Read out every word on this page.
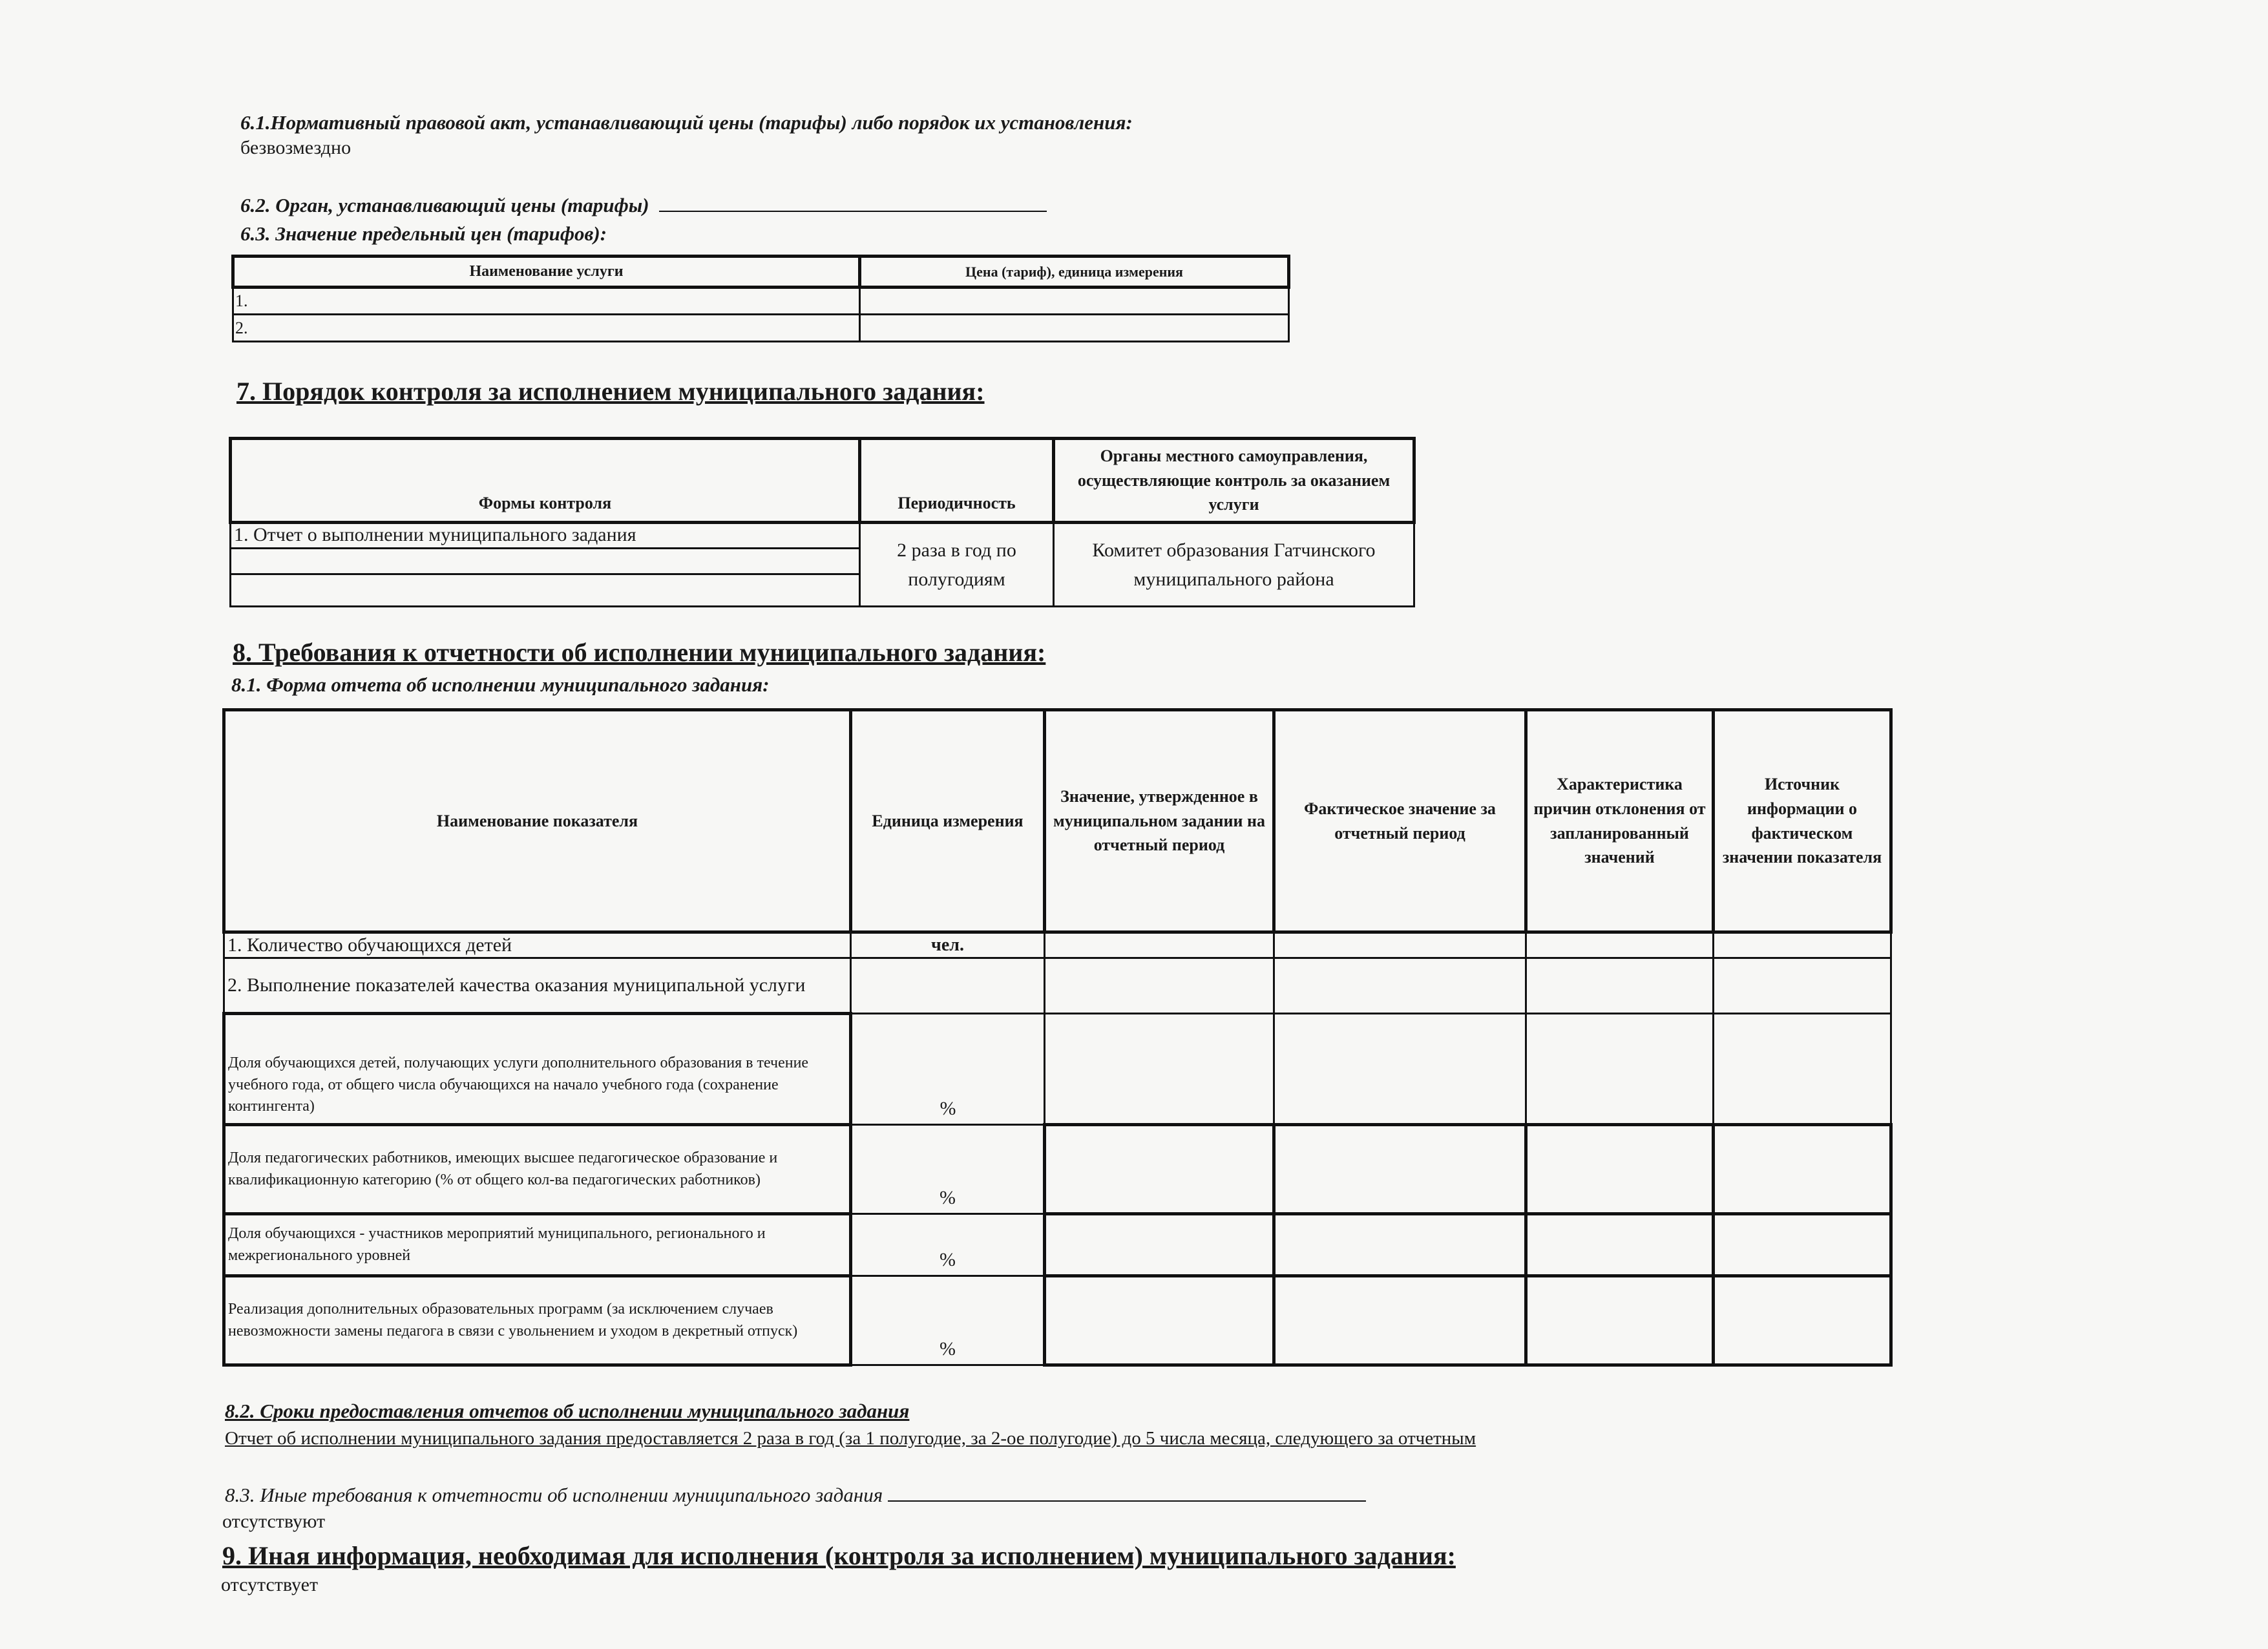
6.1.Нормативный правовой акт, устанавливающий цены (тарифы) либо порядок их установления:
безвозмездно
6.2. Орган, устанавливающий цены (тарифы)
6.3. Значение предельный цен (тарифов):
Наименование услуги	Цена (тариф), единица измерения
1.	
2.	
7. Порядок контроля за исполнением муниципального задания:
Формы контроля	Периодичность	Органы местного самоуправления, осуществляющие контроль за оказанием услуги
1. Отчет о выполнении муниципального задания	2 раза в год по полугодиям	Комитет образования Гатчинского муниципального района

8. Требования к отчетности об исполнении муниципального задания:
8.1. Форма отчета об исполнении муниципального задания:
Наименование показателя	Единица измерения	Значение, утвержденное в муниципальном задании на отчетный период	Фактическое значение за отчетный период	Характеристика причин отклонения от запланированный значений	Источник информации о фактическом значении показателя
1. Количество обучающихся детей	чел.				
2. Выполнение показателей качества оказания муниципальной услуги					
Доля обучающихся детей, получающих услуги дополнительного образования в течение учебного года, от общего числа обучающихся на начало учебного года (сохранение контингента)	%				
Доля педагогических работников, имеющих высшее педагогическое образование и квалификационную категорию (% от общего кол-ва педагогических работников)	%				
Доля обучающихся - участников мероприятий муниципального, регионального и межрегионального уровней	%				
Реализация дополнительных образовательных программ (за исключением случаев невозможности замены педагога в связи с увольнением и уходом в декретный отпуск)	%				
8.2. Сроки предоставления отчетов об исполнении муниципального задания
Отчет об исполнении муниципального задания предоставляется 2 раза в год (за 1 полугодие, за 2-ое полугодие) до 5 числа месяца, следующего за отчетным
8.3. Иные требования к отчетности об исполнении муниципального задания
отсутствуют
9. Иная информация, необходимая для исполнения (контроля за исполнением) муниципального задания:
отсутствует
